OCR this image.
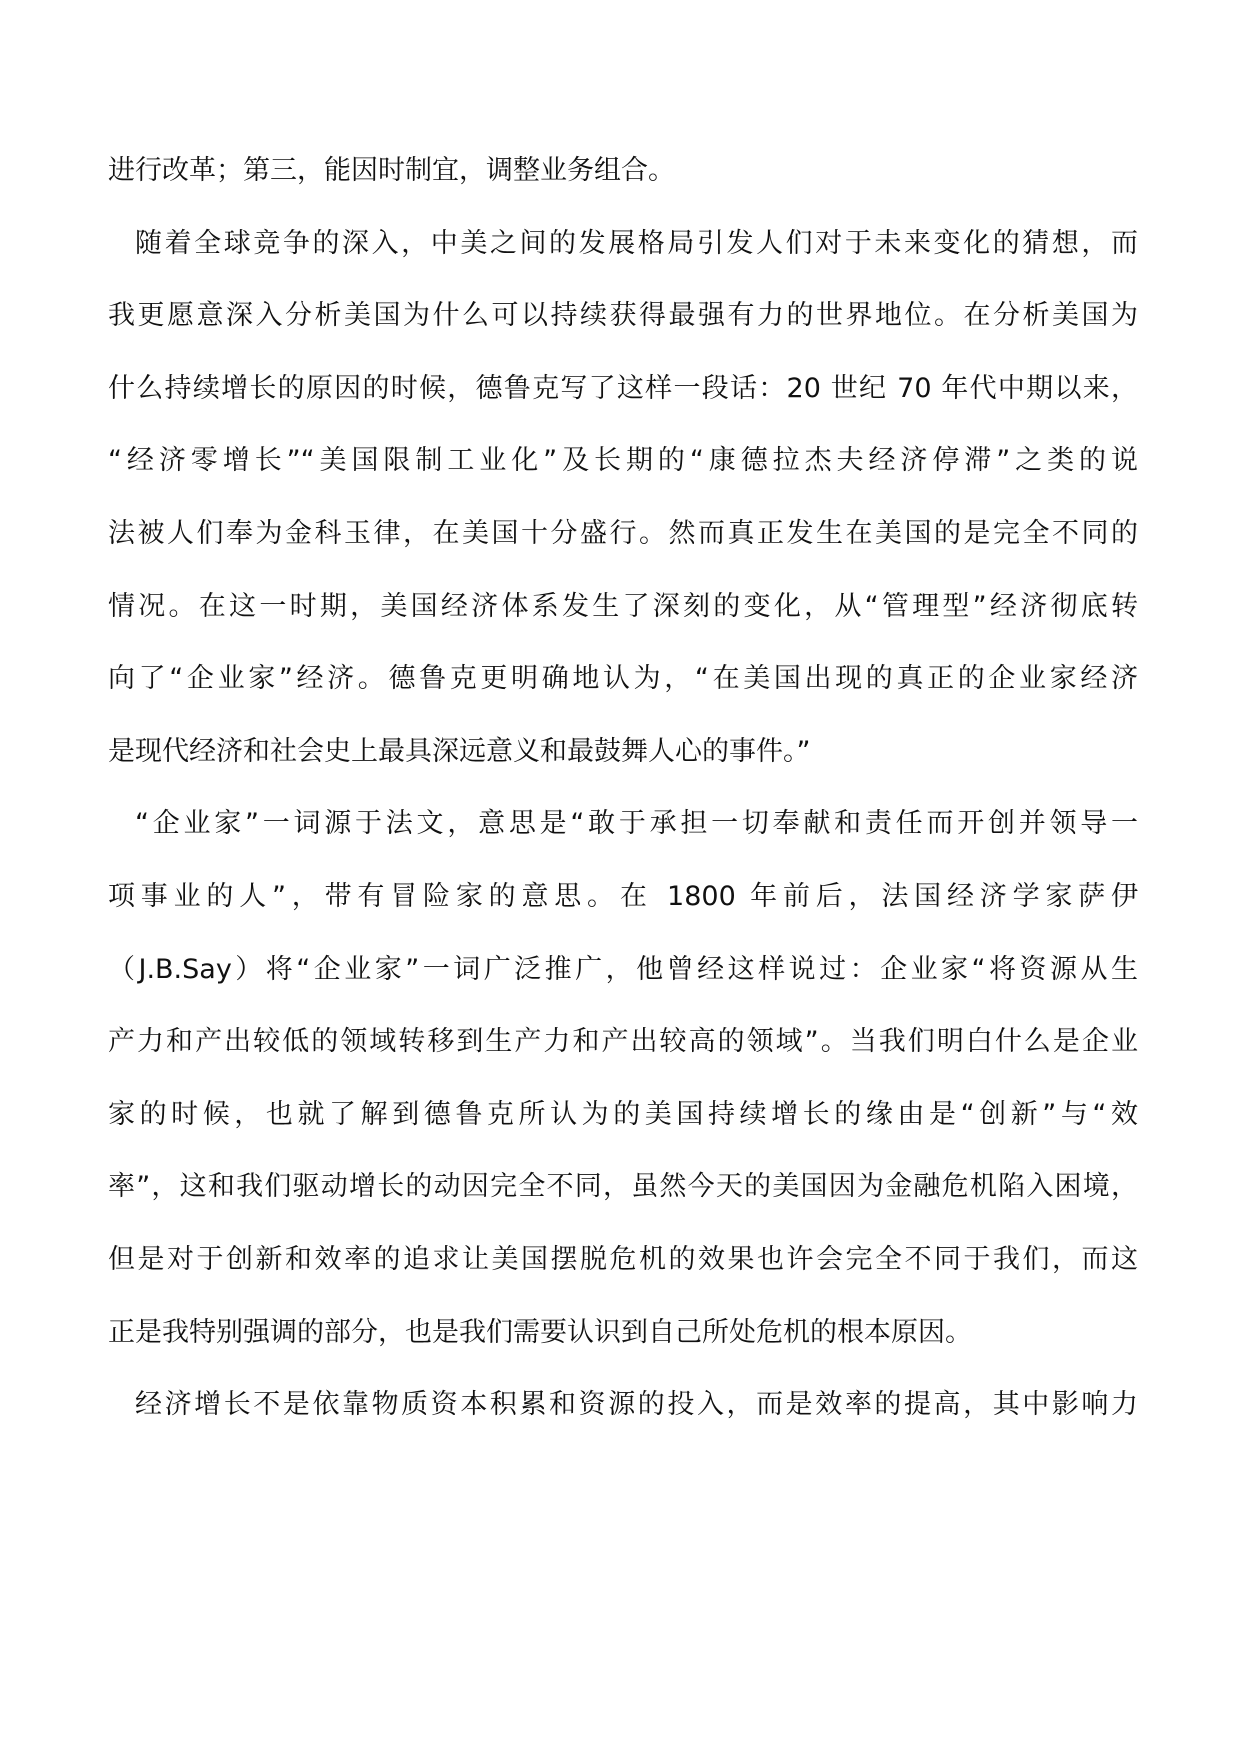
进行改革；第三，能因时制宜，调整业务组合。

随着全球竞争的深入，中美之间的发展格局引发人们对于未来变化的猜想，而

我更愿意深入分析美国为什么可以持续获得最强有力的世界地位。在分析美国为

什么持续增长的原因的时候，德鲁克写了这样一段话：20 世纪 70 年代中期以来，

“经济零增长”“美国限制工业化”及长期的“康德拉杰夫经济停滞”之类的说

法被人们奉为金科玉律，在美国十分盛行。然而真正发生在美国的是完全不同的

情况。在这一时期，美国经济体系发生了深刻的变化，从“管理型”经济彻底转

向了“企业家”经济。德鲁克更明确地认为，“在美国出现的真正的企业家经济

是现代经济和社会史上最具深远意义和最鼓舞人心的事件。”

“企业家”一词源于法文，意思是“敢于承担一切奉献和责任而开创并领导一

项事业的人”，带有冒险家的意思。在 1800 年前后，法国经济学家萨伊

（J.B.Say）将“企业家”一词广泛推广，他曾经这样说过：企业家“将资源从生

产力和产出较低的领域转移到生产力和产出较高的领域”。当我们明白什么是企业

家的时候，也就了解到德鲁克所认为的美国持续增长的缘由是“创新”与“效

率”，这和我们驱动增长的动因完全不同，虽然今天的美国因为金融危机陷入困境，

但是对于创新和效率的追求让美国摆脱危机的效果也许会完全不同于我们，而这

正是我特别强调的部分，也是我们需要认识到自己所处危机的根本原因。

经济增长不是依靠物质资本积累和资源的投入，而是效率的提高，其中影响力
